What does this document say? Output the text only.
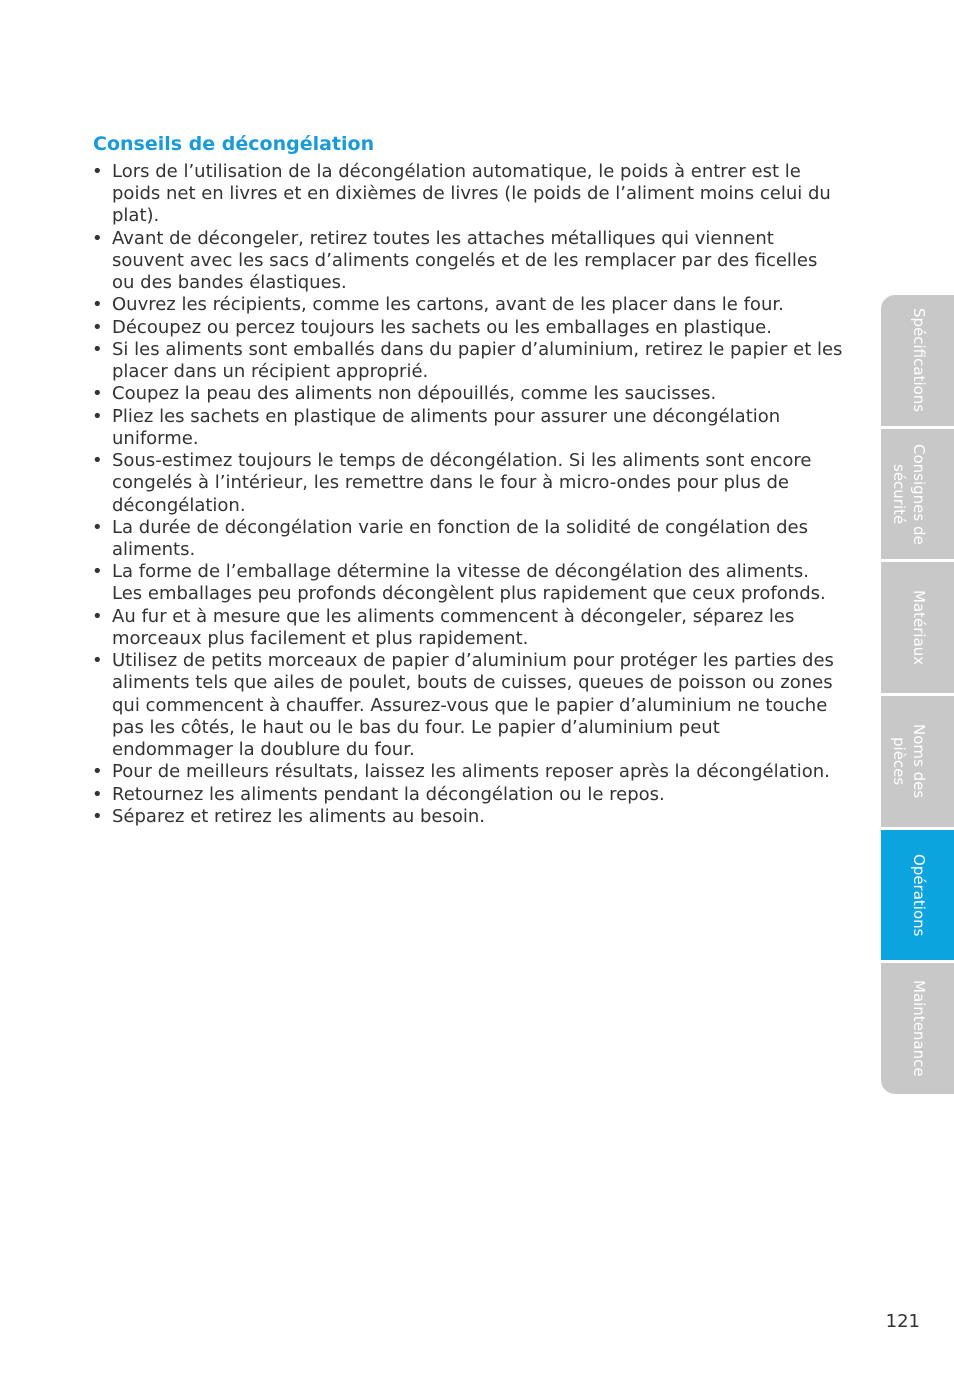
Conseils de décongélation
• Lors de l’utilisation de la décongélation automatique, le poids à entrer est le
poids net en livres et en dixièmes de livres (le poids de l’aliment moins celui du
plat).
• Avant de décongeler, retirez toutes les attaches métalliques qui viennent
souvent avec les sacs d’aliments congelés et de les remplacer par des ficelles
ou des bandes élastiques.
• Ouvrez les récipients, comme les cartons, avant de les placer dans le four.
• Découpez ou percez toujours les sachets ou les emballages en plastique.
• Si les aliments sont emballés dans du papier d’aluminium, retirez le papier et les
placer dans un récipient approprié.
• Coupez la peau des aliments non dépouillés, comme les saucisses.
• Pliez les sachets en plastique de aliments pour assurer une décongélation
uniforme.
• Sous-estimez toujours le temps de décongélation. Si les aliments sont encore
congelés à l’intérieur, les remettre dans le four à micro-ondes pour plus de
décongélation.
• La durée de décongélation varie en fonction de la solidité de congélation des
aliments.
• La forme de l’emballage détermine la vitesse de décongélation des aliments.
Les emballages peu profonds décongèlent plus rapidement que ceux profonds.
• Au fur et à mesure que les aliments commencent à décongeler, séparez les
morceaux plus facilement et plus rapidement.
• Utilisez de petits morceaux de papier d’aluminium pour protéger les parties des
aliments tels que ailes de poulet, bouts de cuisses, queues de poisson ou zones
qui commencent à chauffer. Assurez-vous que le papier d’aluminium ne touche
pas les côtés, le haut ou le bas du four. Le papier d’aluminium peut
endommager la doublure du four.
• Pour de meilleurs résultats, laissez les aliments reposer après la décongélation.
• Retournez les aliments pendant la décongélation ou le repos.
• Séparez et retirez les aliments au besoin.
Spécifications
Consignes de
sécurité
Matériaux
Noms des
pièces
Opérations
Maintenance
121
